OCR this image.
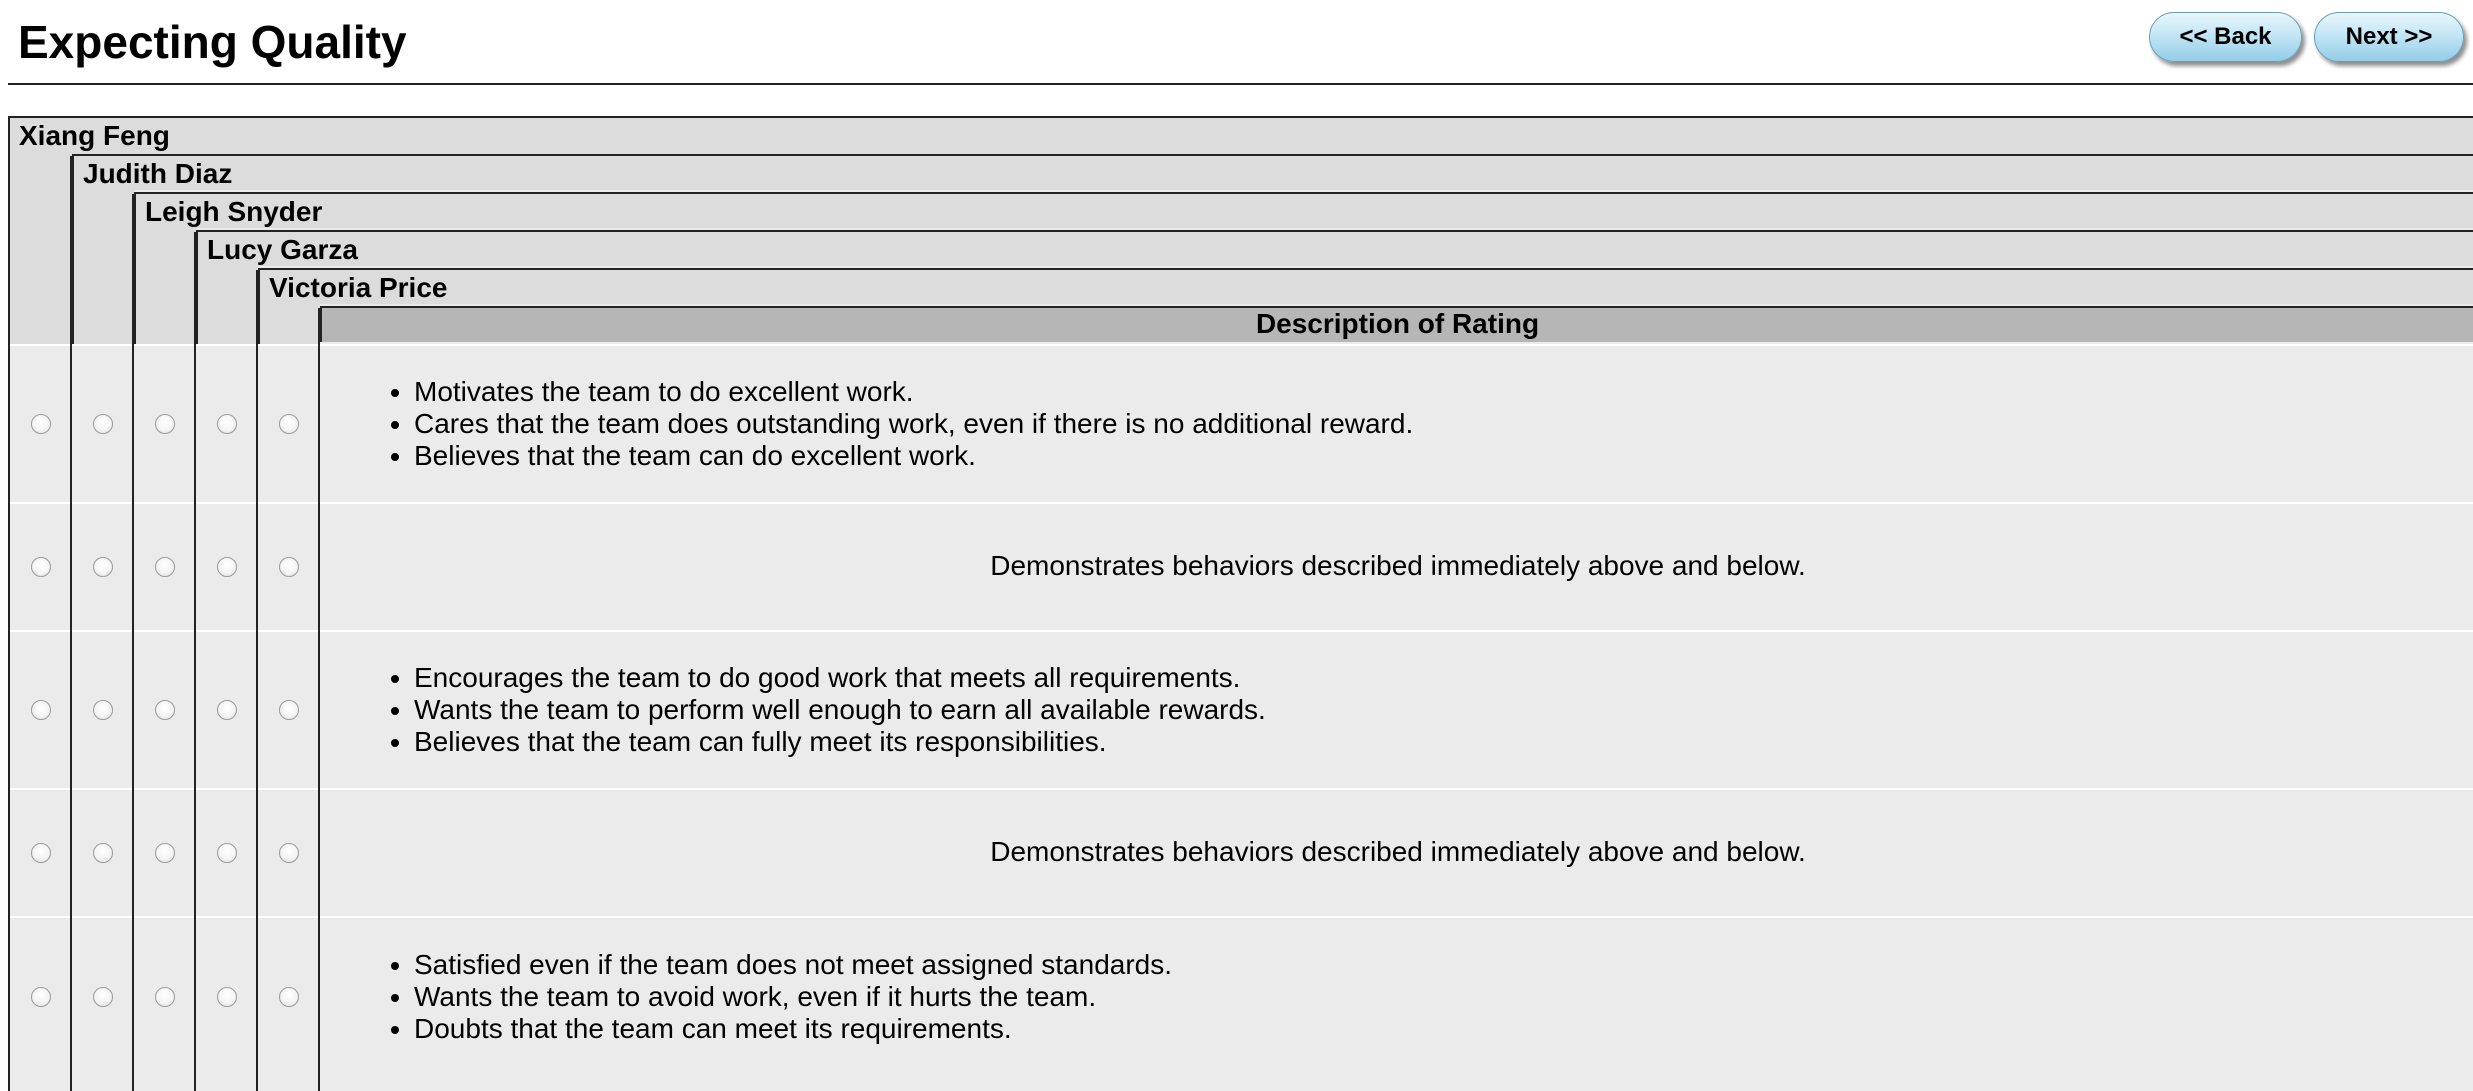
Expecting Quality	<< Back	Next >>
Xiang Feng
Judith Diaz
Leigh Snyder
Lucy Garza
Victoria Price
Description of Rating
• Motivates the team to do excellent work.
• Cares that the team does outstanding work, even if there is no additional reward.
• Believes that the team can do excellent work.
Demonstrates behaviors described immediately above and below.
• Encourages the team to do good work that meets all requirements.
• Wants the team to perform well enough to earn all available rewards.
• Believes that the team can fully meet its responsibilities.
Demonstrates behaviors described immediately above and below.
• Satisfied even if the team does not meet assigned standards.
• Wants the team to avoid work, even if it hurts the team.
• Doubts that the team can meet its requirements.
